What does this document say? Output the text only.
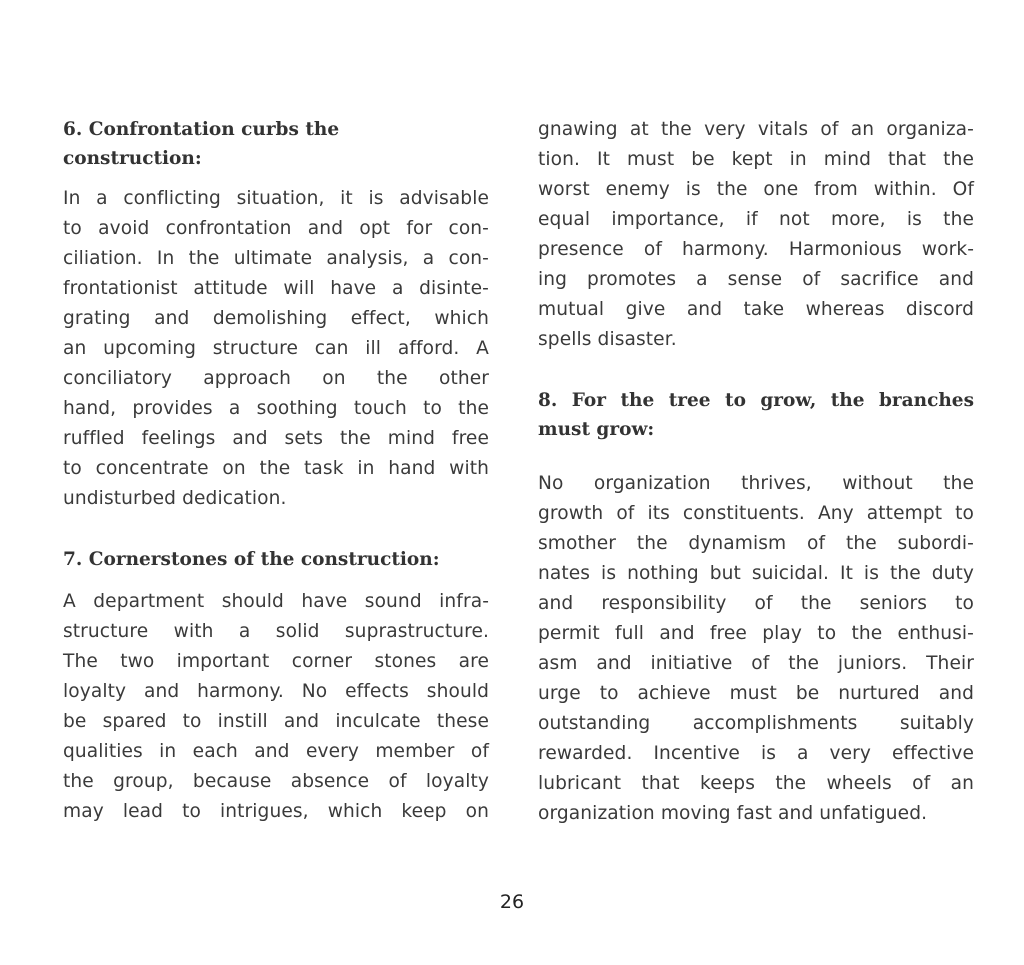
6. Confrontation curbs the
construction:

In a conflicting situation, it is advisable
to avoid confrontation and opt for con-
ciliation. In the ultimate analysis, a con-
frontationist attitude will have a disinte-
grating and demolishing effect, which
an upcoming structure can ill afford. A
conciliatory approach on the other
hand, provides a soothing touch to the
ruffled feelings and sets the mind free
to concentrate on the task in hand with
undisturbed dedication.

7. Cornerstones of the construction:

A department should have sound infra-
structure with a solid suprastructure.
The two important corner stones are
loyalty and harmony. No effects should
be spared to instill and inculcate these
qualities in each and every member of
the group, because absence of loyalty
may lead to intrigues, which keep on

gnawing at the very vitals of an organiza-
tion. It must be kept in mind that the
worst enemy is the one from within. Of
equal importance, if not more, is the
presence of harmony. Harmonious work-
ing promotes a sense of sacrifice and
mutual give and take whereas discord
spells disaster.

8. For the tree to grow, the branches
must grow:

No organization thrives, without the
growth of its constituents. Any attempt to
smother the dynamism of the subordi-
nates is nothing but suicidal. It is the duty
and responsibility of the seniors to
permit full and free play to the enthusi-
asm and initiative of the juniors. Their
urge to achieve must be nurtured and
outstanding accomplishments suitably
rewarded. Incentive is a very effective
lubricant that keeps the wheels of an
organization moving fast and unfatigued.

26
